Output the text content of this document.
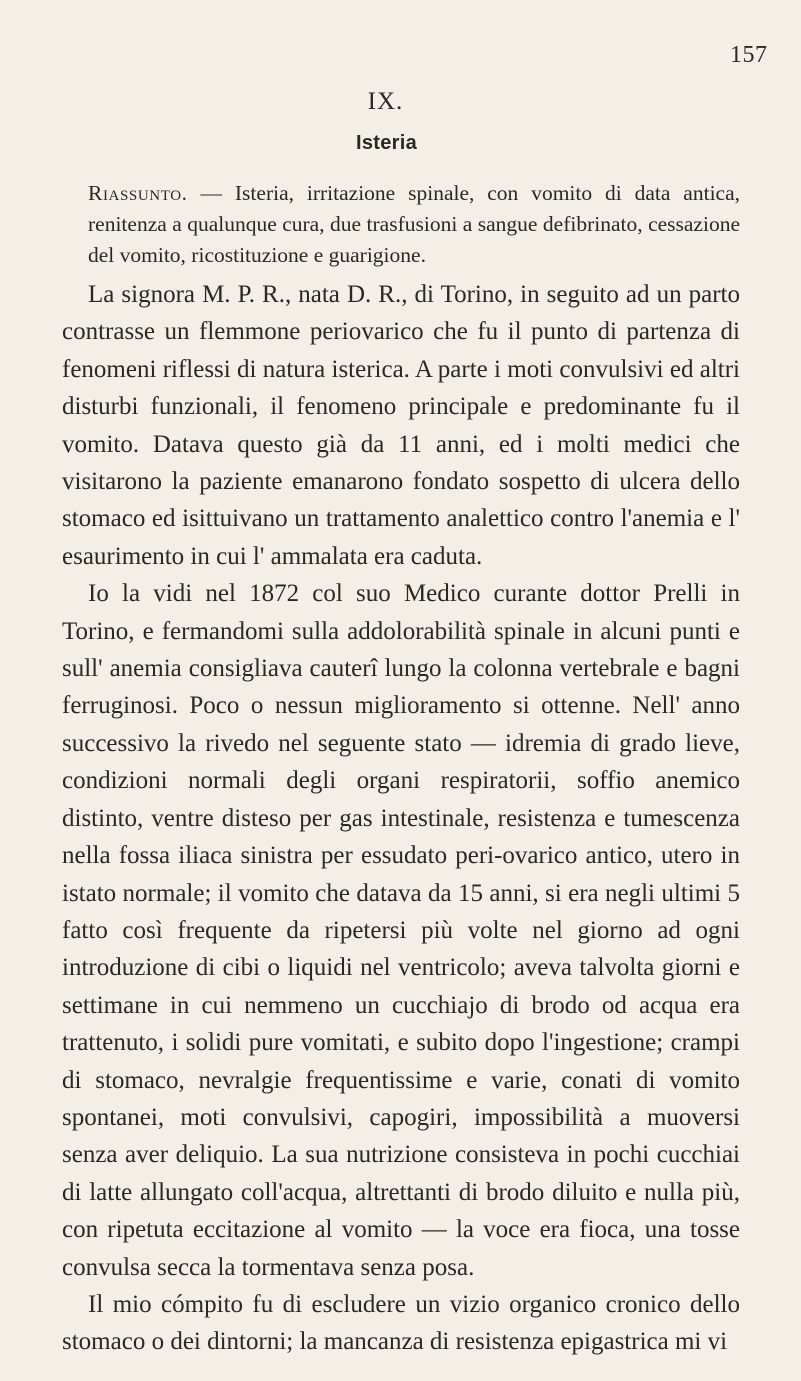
157
IX.
Isteria
Riassunto. — Isteria, irritazione spinale, con vomito di data antica, renitenza a qualunque cura, due trasfusioni a sangue defibrinato, cessazione del vomito, ricostituzione e guarigione.

La signora M. P. R., nata D. R., di Torino, in seguito ad un parto contrasse un flemmone periovarico che fu il punto di partenza di fenomeni riflessi di natura isterica. A parte i moti convulsivi ed altri disturbi funzionali, il fenomeno principale e predominante fu il vomito. Datava questo già da 11 anni, ed i molti medici che visitarono la paziente emanarono fondato sospetto di ulcera dello stomaco ed isittuivano un trattamento analettico contro l'anemia e l' esaurimento in cui l' ammalata era caduta.

Io la vidi nel 1872 col suo Medico curante dottor Prelli in Torino, e fermandomi sulla addolorabilità spinale in alcuni punti e sull' anemia consigliava cauterî lungo la colonna vertebrale e bagni ferruginosi. Poco o nessun miglioramento si ottenne. Nell' anno successivo la rivedo nel seguente stato — idremia di grado lieve, condizioni normali degli organi respiratorii, soffio anemico distinto, ventre disteso per gas intestinale, resistenza e tumescenza nella fossa iliaca sinistra per essudato peri-ovarico antico, utero in istato normale; il vomito che datava da 15 anni, si era negli ultimi 5 fatto così frequente da ripetersi più volte nel giorno ad ogni introduzione di cibi o liquidi nel ventricolo; aveva talvolta giorni e settimane in cui nemmeno un cucchiajo di brodo od acqua era trattenuto, i solidi pure vomitati, e subito dopo l'ingestione; crampi di stomaco, nevralgie frequentissime e varie, conati di vomito spontanei, moti convulsivi, capogiri, impossibilità a muoversi senza aver deliquio. La sua nutrizione consisteva in pochi cucchiai di latte allungato coll'acqua, altrettanti di brodo diluito e nulla più, con ripetuta eccitazione al vomito — la voce era fioca, una tosse convulsa secca la tormentava senza posa.

Il mio cómpito fu di escludere un vizio organico cronico dello stomaco o dei dintorni; la mancanza di resistenza epigastrica mi vi
